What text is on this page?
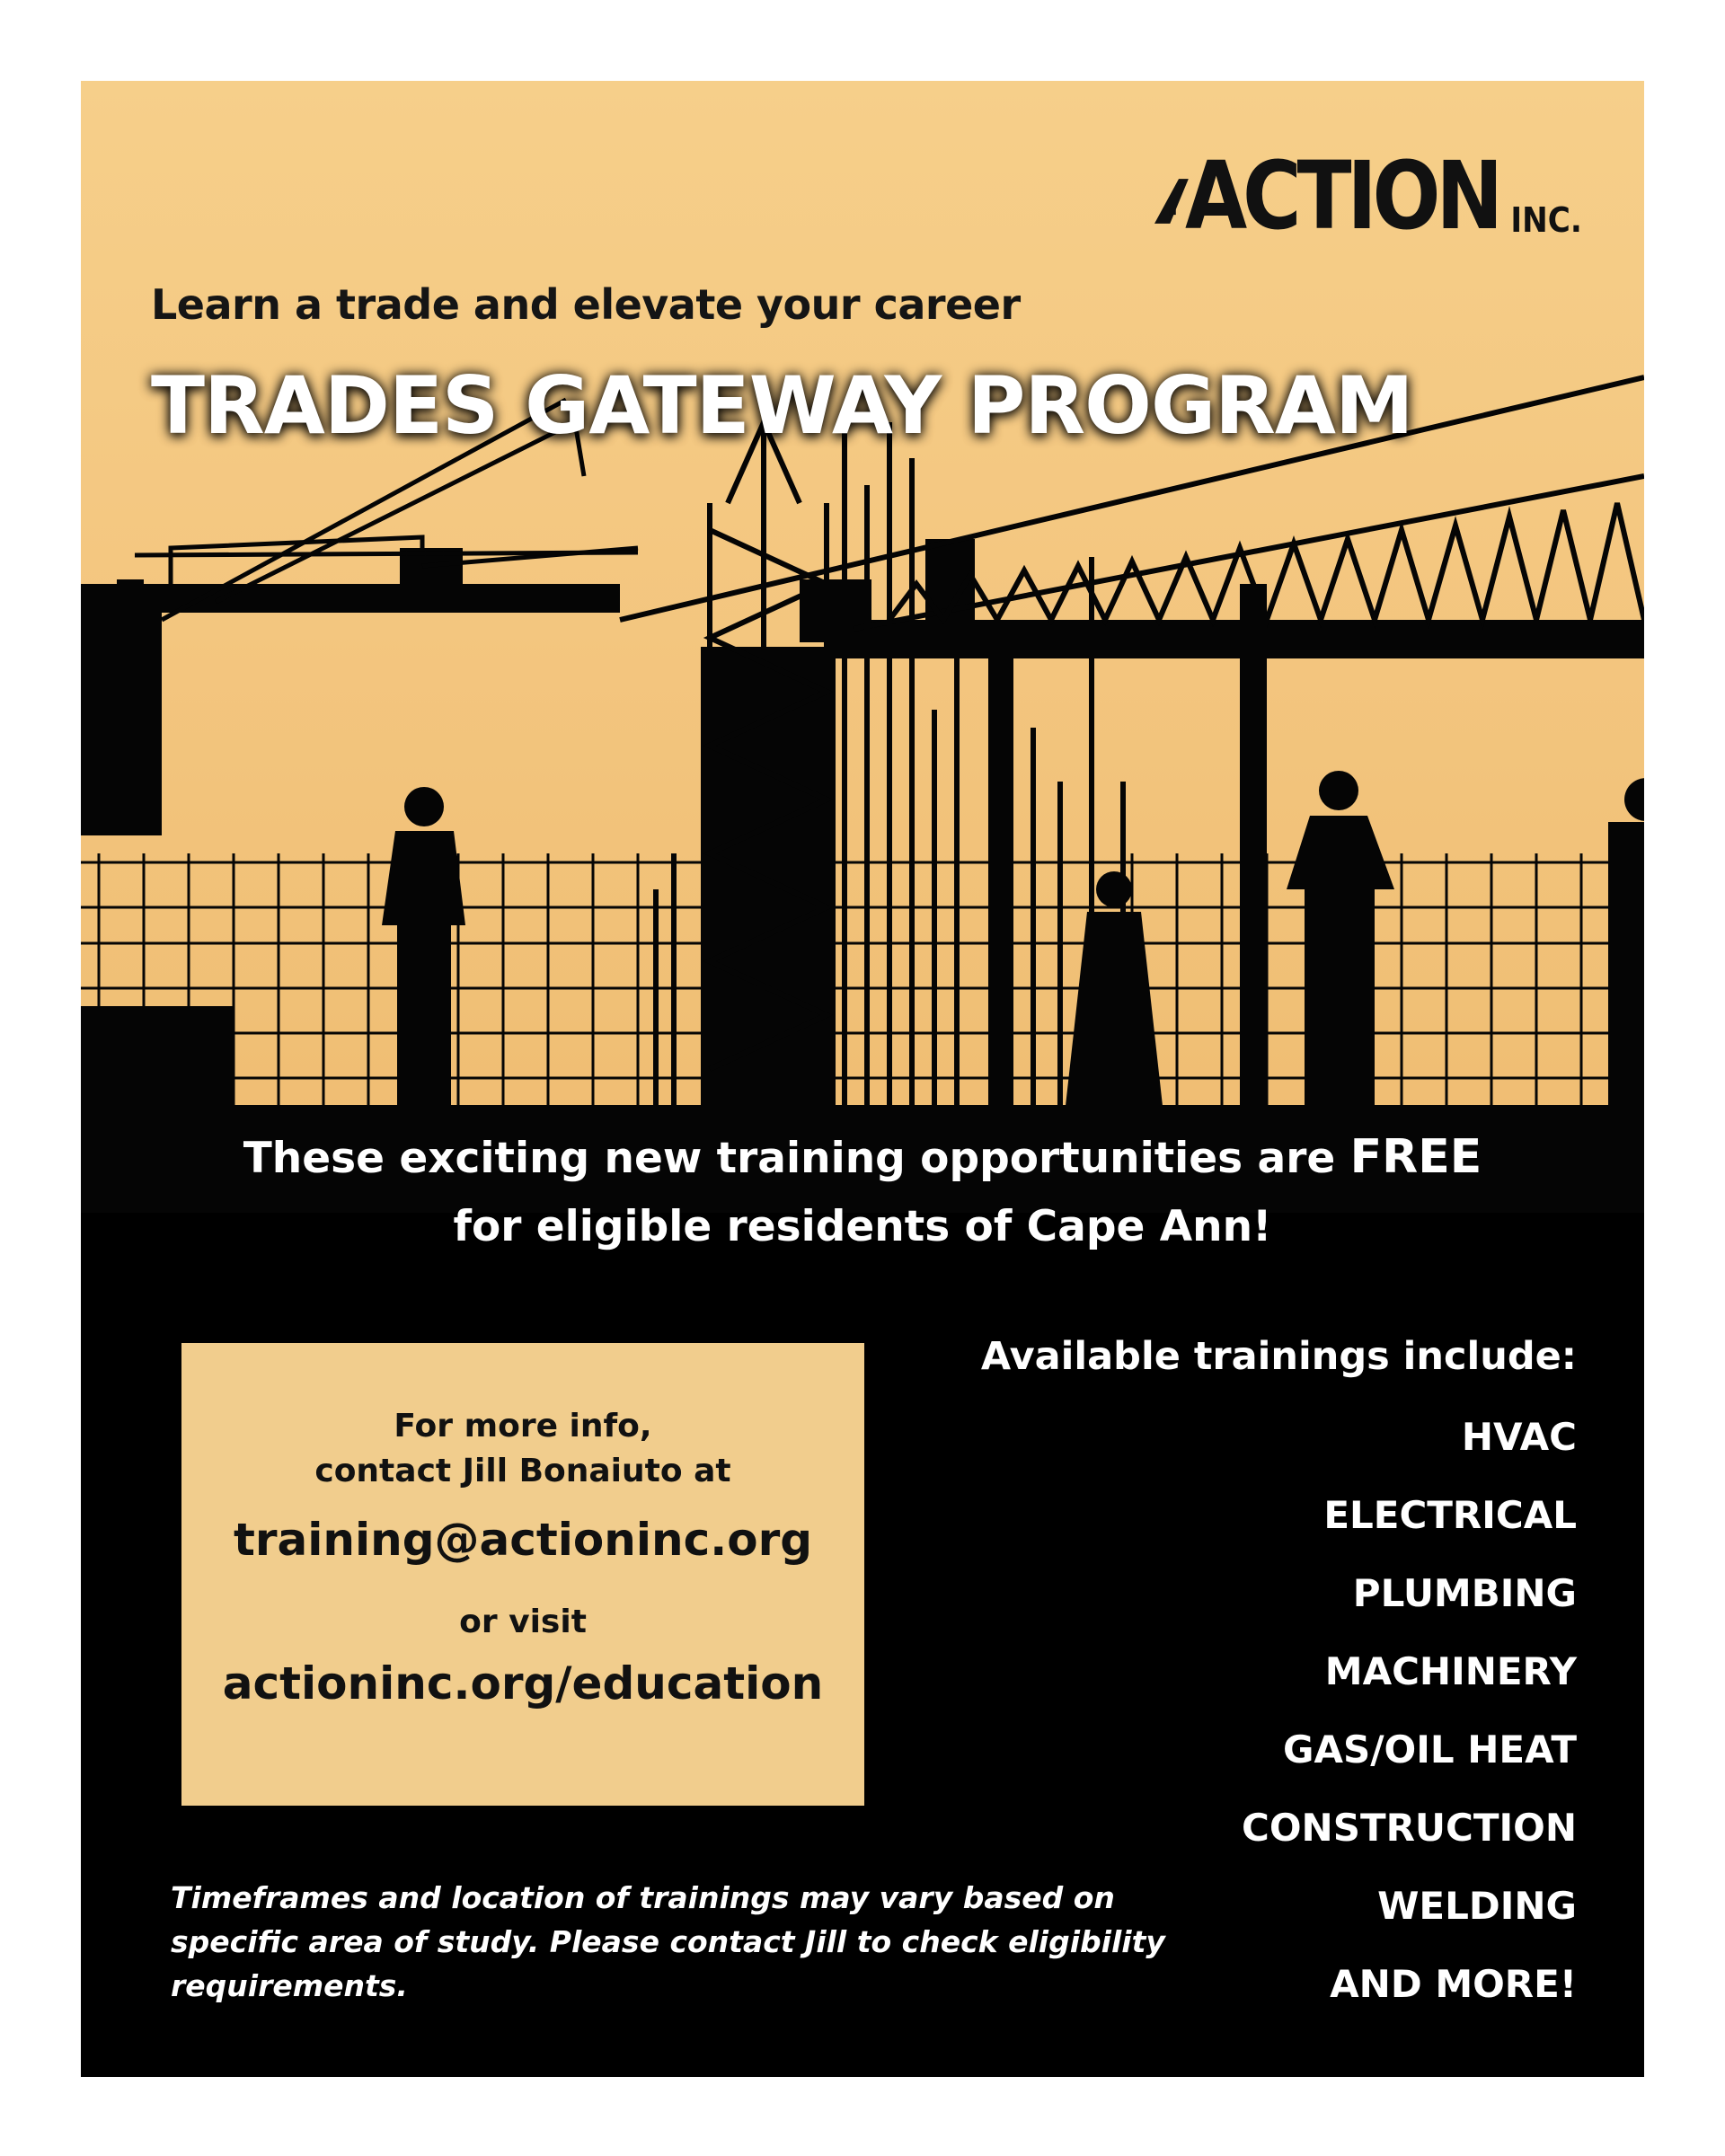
ACTION INC.
Learn a trade and elevate your career
TRADES GATEWAY PROGRAM
These exciting new training opportunities are FREE
for eligible residents of Cape Ann!
For more info,
contact Jill Bonaiuto at
training@actioninc.org
or visit
actioninc.org/education
Available trainings include:
HVAC
ELECTRICAL
PLUMBING
MACHINERY
GAS/OIL HEAT
CONSTRUCTION
WELDING
AND MORE!
Timeframes and location of trainings may vary based on specific area of study. Please contact Jill to check eligibility requirements.
